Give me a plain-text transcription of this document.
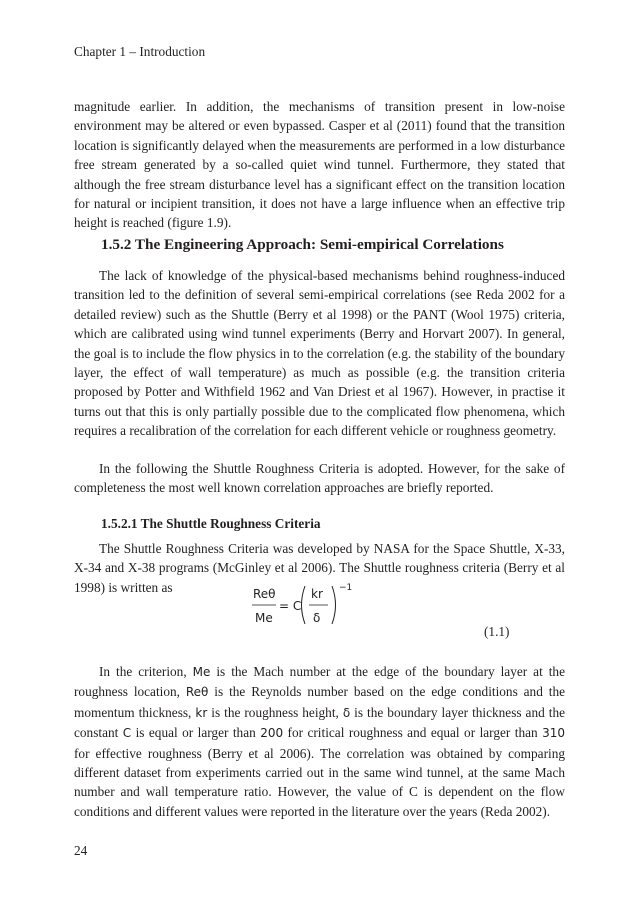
Chapter 1 – Introduction

magnitude earlier. In addition, the mechanisms of transition present in low-noise environment may be altered or even bypassed. Casper et al (2011) found that the transition location is significantly delayed when the measurements are performed in a low disturbance free stream generated by a so-called quiet wind tunnel. Furthermore, they stated that although the free stream disturbance level has a significant effect on the transition location for natural or incipient transition, it does not have a large influence when an effective trip height is reached (figure 1.9).

1.5.2 The Engineering Approach: Semi-empirical Correlations

The lack of knowledge of the physical-based mechanisms behind roughness-induced transition led to the definition of several semi-empirical correlations (see Reda 2002 for a detailed review) such as the Shuttle (Berry et al 1998) or the PANT (Wool 1975) criteria, which are calibrated using wind tunnel experiments (Berry and Horvart 2007). In general, the goal is to include the flow physics in to the correlation (e.g. the stability of the boundary layer, the effect of wall temperature) as much as possible (e.g. the transition criteria proposed by Potter and Withfield 1962 and Van Driest et al 1967). However, in practise it turns out that this is only partially possible due to the complicated flow phenomena, which requires a recalibration of the correlation for each different vehicle or roughness geometry.

In the following the Shuttle Roughness Criteria is adopted. However, for the sake of completeness the most well known correlation approaches are briefly reported.

1.5.2.1 The Shuttle Roughness Criteria

The Shuttle Roughness Criteria was developed by NASA for the Space Shuttle, X-33, X-34 and X-38 programs (McGinley et al 2006). The Shuttle roughness criteria (Berry et al 1998) is written as	Reθ
Me
= C
kr
δ
−1
(1.1)

In the criterion, Me is the Mach number at the edge of the boundary layer at the roughness location, Reθ is the Reynolds number based on the edge conditions and the momentum thickness, kr is the roughness height, δ is the boundary layer thickness and the constant C is equal or larger than 200 for critical roughness and equal or larger than 310 for effective roughness (Berry et al 2006). The correlation was obtained by comparing different dataset from experiments carried out in the same wind tunnel, at the same Mach number and wall temperature ratio. However, the value of C is dependent on the flow conditions and different values were reported in the literature over the years (Reda 2002).

24
